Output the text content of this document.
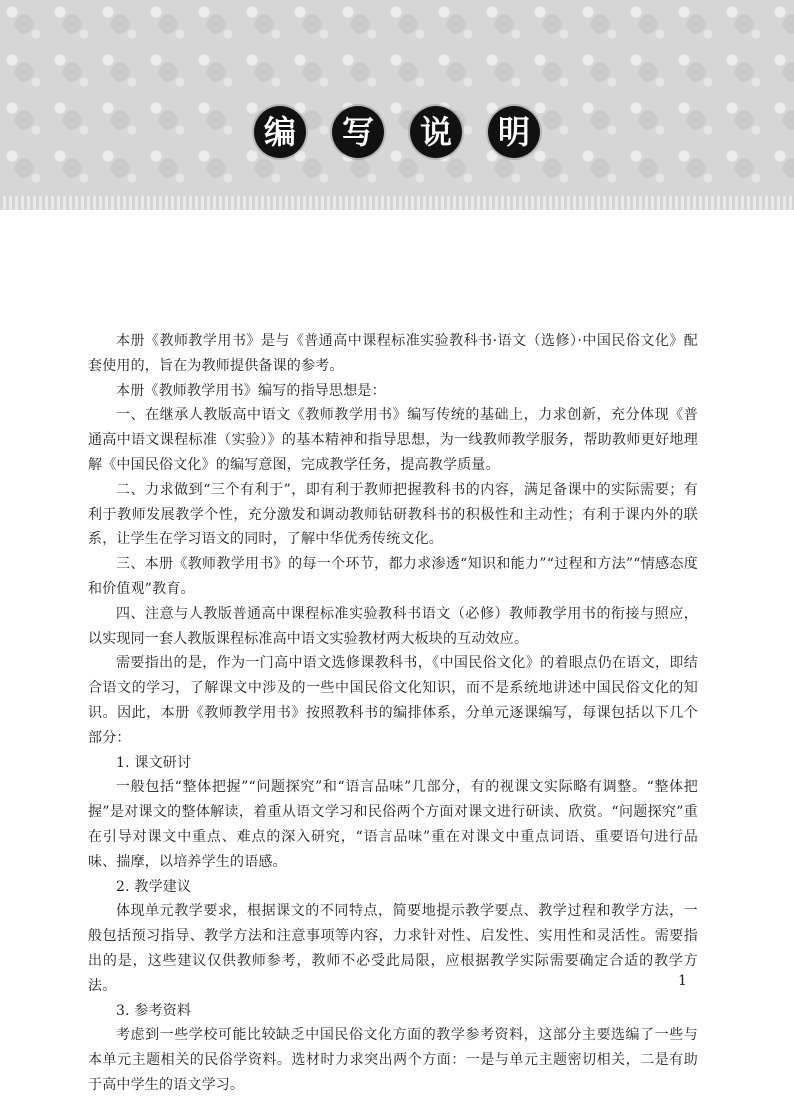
编	写	说	明

本册《教师教学用书》是与《普通高中课程标准实验教科书·语文（选修）·中国民俗文化》配套使用的，旨在为教师提供备课的参考。

本册《教师教学用书》编写的指导思想是：

一、在继承人教版高中语文《教师教学用书》编写传统的基础上，力求创新，充分体现《普通高中语文课程标准（实验）》的基本精神和指导思想，为一线教师教学服务，帮助教师更好地理解《中国民俗文化》的编写意图，完成教学任务，提高教学质量。

二、力求做到“三个有利于”，即有利于教师把握教科书的内容，满足备课中的实际需要；有利于教师发展教学个性，充分激发和调动教师钻研教科书的积极性和主动性；有利于课内外的联系，让学生在学习语文的同时，了解中华优秀传统文化。

三、本册《教师教学用书》的每一个环节，都力求渗透“知识和能力”“过程和方法”“情感态度和价值观”教育。

四、注意与人教版普通高中课程标准实验教科书语文（必修）教师教学用书的衔接与照应，以实现同一套人教版课程标准高中语文实验教材两大板块的互动效应。

需要指出的是，作为一门高中语文选修课教科书，《中国民俗文化》的着眼点仍在语文，即结合语文的学习，了解课文中涉及的一些中国民俗文化知识，而不是系统地讲述中国民俗文化的知识。因此，本册《教师教学用书》按照教科书的编排体系，分单元逐课编写，每课包括以下几个部分：

1. 课文研讨

一般包括“整体把握”“问题探究”和“语言品味”几部分，有的视课文实际略有调整。“整体把握”是对课文的整体解读，着重从语文学习和民俗两个方面对课文进行研读、欣赏。“问题探究”重在引导对课文中重点、难点的深入研究，“语言品味”重在对课文中重点词语、重要语句进行品味、揣摩，以培养学生的语感。

2. 教学建议

体现单元教学要求，根据课文的不同特点，简要地提示教学要点、教学过程和教学方法，一般包括预习指导、教学方法和注意事项等内容，力求针对性、启发性、实用性和灵活性。需要指出的是，这些建议仅供教师参考，教师不必受此局限，应根据教学实际需要确定合适的教学方法。

3. 参考资料

考虑到一些学校可能比较缺乏中国民俗文化方面的教学参考资料，这部分主要选编了一些与本单元主题相关的民俗学资料。选材时力求突出两个方面：一是与单元主题密切相关，二是有助于高中学生的语文学习。

1
